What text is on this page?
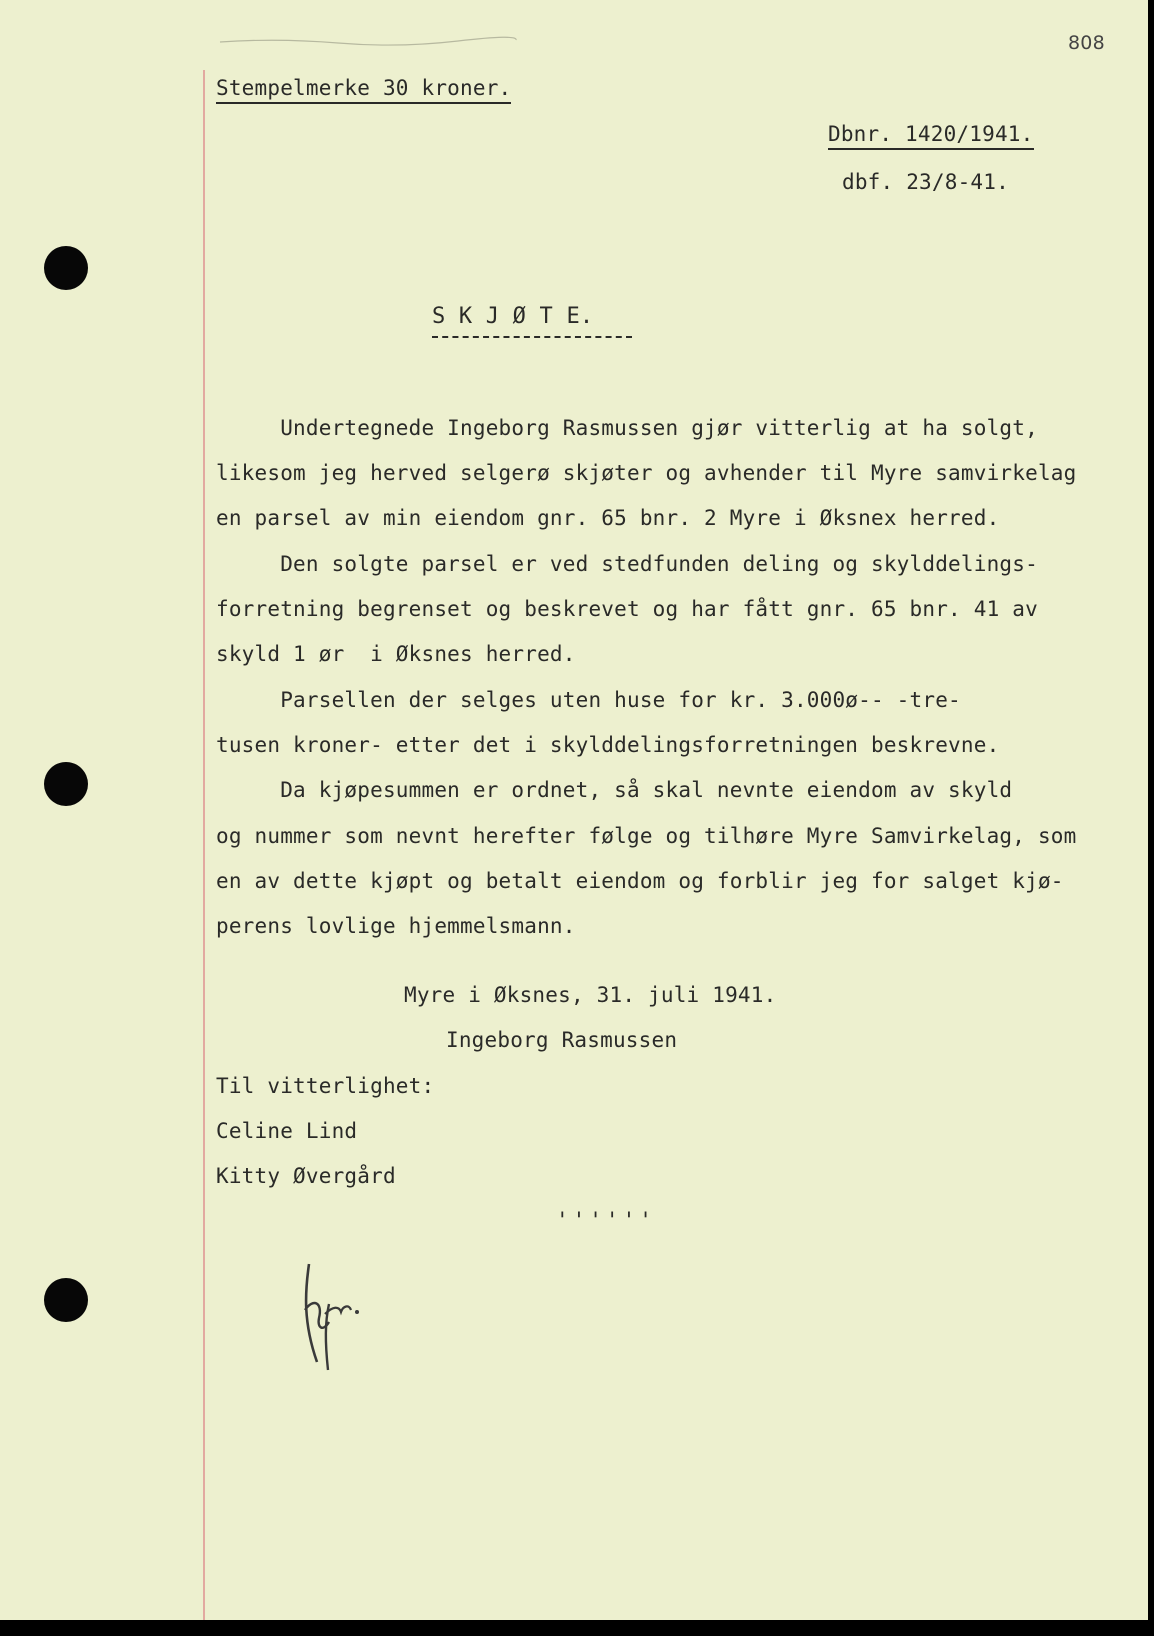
808
Stempelmerke 30 kroner.
Dbnr. 1420/1941.
dbf. 23/8-41.
S K J Ø T E.
Undertegnede Ingeborg Rasmussen gjør vitterlig at ha solgt,
likesom jeg herved selgerø skjøter og avhender til Myre samvirkelag
en parsel av min eiendom gnr. 65 bnr. 2 Myre i Øksnex herred.
Den solgte parsel er ved stedfunden deling og skylddelings-
forretning begrenset og beskrevet og har fått gnr. 65 bnr. 41 av
skyld 1 ør  i Øksnes herred.
Parsellen der selges uten huse for kr. 3.000ø-- -tre-
tusen kroner- etter det i skylddelingsforretningen beskrevne.
Da kjøpesummen er ordnet, så skal nevnte eiendom av skyld
og nummer som nevnt herefter følge og tilhøre Myre Samvirkelag, som
en av dette kjøpt og betalt eiendom og forblir jeg for salget kjø-
perens lovlige hjemmelsmann.
Myre i Øksnes, 31. juli 1941.
Ingeborg Rasmussen
Til vitterlighet:
Celine Lind
Kitty Øvergård
''''''
